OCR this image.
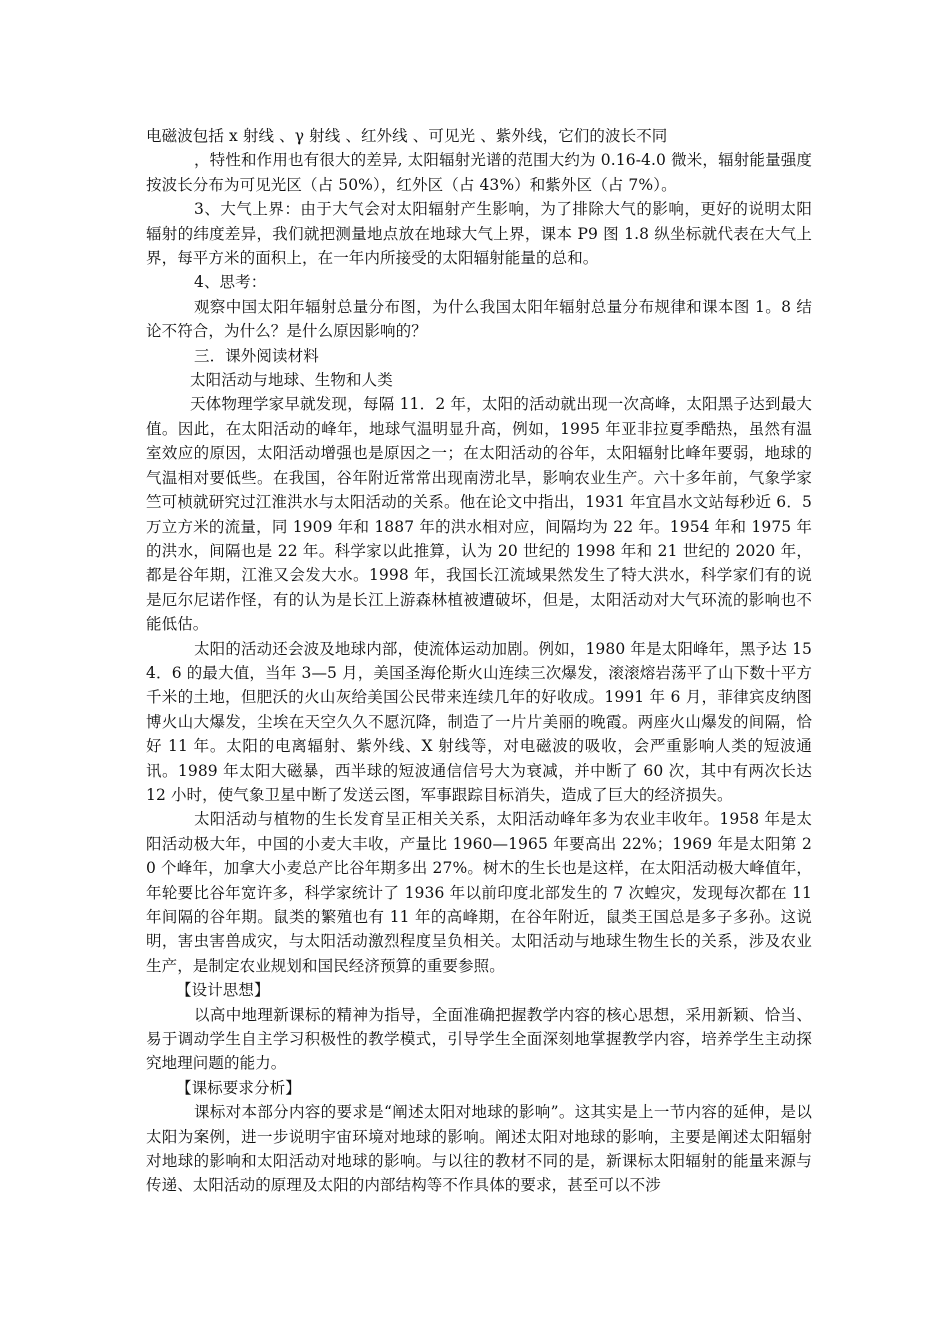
电磁波包括 x 射线 、γ 射线 、红外线 、可见光 、紫外线，它们的波长不同

，特性和作用也有很大的差异, 太阳辐射光谱的范围大约为 0.16-4.0 微米，辐射能量强度按波长分布为可见光区（占 50%），红外区（占 43%）和紫外区（占 7%）。

3、大气上界：由于大气会对太阳辐射产生影响，为了排除大气的影响，更好的说明太阳辐射的纬度差异，我们就把测量地点放在地球大气上界，课本 P9 图 1.8 纵坐标就代表在大气上界，每平方米的面积上，在一年内所接受的太阳辐射能量的总和。

4、思考：

观察中国太阳年辐射总量分布图，为什么我国太阳年辐射总量分布规律和课本图 1。8 结论不符合，为什么？是什么原因影响的？

三．课外阅读材料

太阳活动与地球、生物和人类

天体物理学家早就发现，每隔 11．2 年，太阳的活动就出现一次高峰，太阳黑子达到最大值。因此，在太阳活动的峰年，地球气温明显升高，例如，1995 年亚非拉夏季酷热，虽然有温室效应的原因，太阳活动增强也是原因之一；在太阳活动的谷年，太阳辐射比峰年要弱，地球的气温相对要低些。在我国，谷年附近常常出现南涝北旱，影响农业生产。六十多年前，气象学家竺可桢就研究过江淮洪水与太阳活动的关系。他在论文中指出，1931 年宜昌水文站每秒近 6．5 万立方米的流量，同 1909 年和 1887 年的洪水相对应，间隔均为 22 年。1954 年和 1975 年的洪水，间隔也是 22 年。科学家以此推算，认为 20 世纪的 1998 年和 21 世纪的 2020 年，都是谷年期，江淮又会发大水。1998 年，我国长江流域果然发生了特大洪水，科学家们有的说是厄尔尼诺作怪，有的认为是长江上游森林植被遭破坏，但是，太阳活动对大气环流的影响也不能低估。

太阳的活动还会波及地球内部，使流体运动加剧。例如，1980 年是太阳峰年，黑予达 154．6 的最大值，当年 3—5 月，美国圣海伦斯火山连续三次爆发，滚滚熔岩荡平了山下数十平方千米的土地，但肥沃的火山灰给美国公民带来连续几年的好收成。1991 年 6 月，菲律宾皮纳图博火山大爆发，尘埃在天空久久不愿沉降，制造了一片片美丽的晚霞。两座火山爆发的间隔，恰好 11 年。太阳的电离辐射、紫外线、X 射线等，对电磁波的吸收，会严重影响人类的短波通讯。1989 年太阳大磁暴，西半球的短波通信信号大为衰减，并中断了 60 次，其中有两次长达 12 小时，使气象卫星中断了发送云图，军事跟踪目标消失，造成了巨大的经济损失。

太阳活动与植物的生长发育呈正相关关系，太阳活动峰年多为农业丰收年。1958 年是太阳活动极大年，中国的小麦大丰收，产量比 1960—1965 年要高出 22%；1969 年是太阳第 20 个峰年，加拿大小麦总产比谷年期多出 27%。树木的生长也是这样，在太阳活动极大峰值年，年轮要比谷年宽许多，科学家统计了 1936 年以前印度北部发生的 7 次蝗灾，发现每次都在 11 年间隔的谷年期。鼠类的繁殖也有 11 年的高峰期，在谷年附近，鼠类王国总是多子多孙。这说明，害虫害兽成灾，与太阳活动激烈程度呈负相关。太阳活动与地球生物生长的关系，涉及农业生产，是制定农业规划和国民经济预算的重要参照。

【设计思想】

以高中地理新课标的精神为指导，全面准确把握教学内容的核心思想，采用新颖、恰当、易于调动学生自主学习积极性的教学模式，引导学生全面深刻地掌握教学内容，培养学生主动探究地理问题的能力。

【课标要求分析】

课标对本部分内容的要求是“阐述太阳对地球的影响”。这其实是上一节内容的延伸，是以太阳为案例，进一步说明宇宙环境对地球的影响。阐述太阳对地球的影响，主要是阐述太阳辐射对地球的影响和太阳活动对地球的影响。与以往的教材不同的是，新课标太阳辐射的能量来源与传递、太阳活动的原理及太阳的内部结构等不作具体的要求，甚至可以不涉
